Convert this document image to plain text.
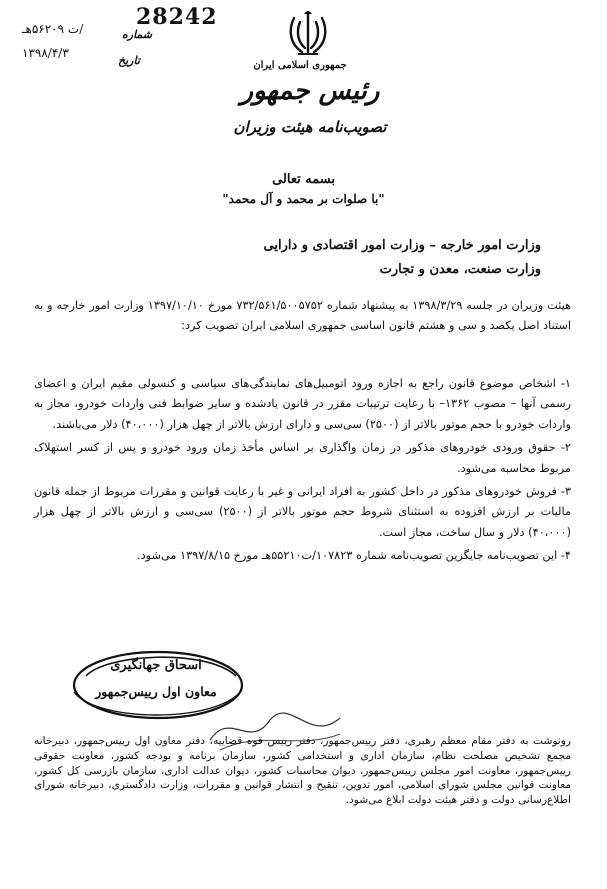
28242
شماره
/ت ۵۶۲۰۹هـ
تاریخ
۱۳۹۸/۴/۳
جمهوری اسلامی ایران
رئیس جمهور
تصویب‌نامه هیئت وزیران
بسمه تعالی
"با صلوات بر محمد و آل محمد"
وزارت امور خارجه – وزارت امور اقتصادی و دارایی
وزارت صنعت، معدن و تجارت
هیئت وزیران در جلسه ۱۳۹۸/۳/۲۹ به پیشنهاد شماره ۷۳۲/۵۶۱/۵۰۰۵۷۵۲ مورخ ۱۳۹۷/۱۰/۱۰ وزارت امور خارجه و به استناد اصل یکصد و سی و هشتم قانون اساسی جمهوری اسلامی ایران تصویب کرد:

۱- اشخاص موضوع قانون راجع به اجازه ورود اتومبیل‌های نمایندگی‌های سیاسی و کنسولی مقیم ایران و اعضای رسمی آنها – مصوب ۱۳۶۲– با رعایت ترتیبات مقرر در قانون یادشده و سایر ضوابط فنی واردات خودرو، مجاز به واردات خودرو با حجم موتور بالاتر از (۲۵۰۰) سی‌سی و دارای ارزش بالاتر از چهل هزار (۴۰،۰۰۰) دلار می‌باشند.

۲- حقوق ورودی خودروهای مذکور در زمان واگذاری بر اساس مأخذ زمان ورود خودرو و پس از کسر استهلاک مربوط محاسبه می‌شود.

۳- فروش خودروهای مذکور در داخل کشور به افراد ایرانی و غیر با رعایت قوانین و مقررات مربوط از جمله قانون مالیات بر ارزش افزوده به استثنای شروط حجم موتور بالاتر از (۲۵۰۰) سی‌سی و ارزش بالاتر از چهل هزار (۴۰،۰۰۰) دلار و سال ساخت، مجاز است.

۴- این تصویب‌نامه جایگزین تصویب‌نامه شماره ۱۰۷۸۲۳/ت۵۵۲۱۰هـ مورخ ۱۳۹۷/۸/۱۵ می‌شود.

اسحاق جهانگیری
معاون اول رییس‌جمهور
رونوشت به دفتر مقام معظم رهبری، دفتر رییس‌جمهور، دفتر رییس قوه قضاییه، دفتر معاون اول رییس‌جمهور، دبیرخانه مجمع تشخیص مصلحت نظام، سازمان اداری و استخدامی کشور، سازمان برنامه و بودجه کشور، معاونت حقوقی رییس‌جمهور، معاونت امور مجلس رییس‌جمهور، دیوان محاسبات کشور، دیوان عدالت اداری، سازمان بازرسی کل کشور، معاونت قوانین مجلس شورای اسلامی، امور تدوین، تنقیح و انتشار قوانین و مقررات، وزارت دادگستری، دبیرخانه شورای اطلاع‌رسانی دولت و دفتر هیئت دولت ابلاغ می‌شود.
